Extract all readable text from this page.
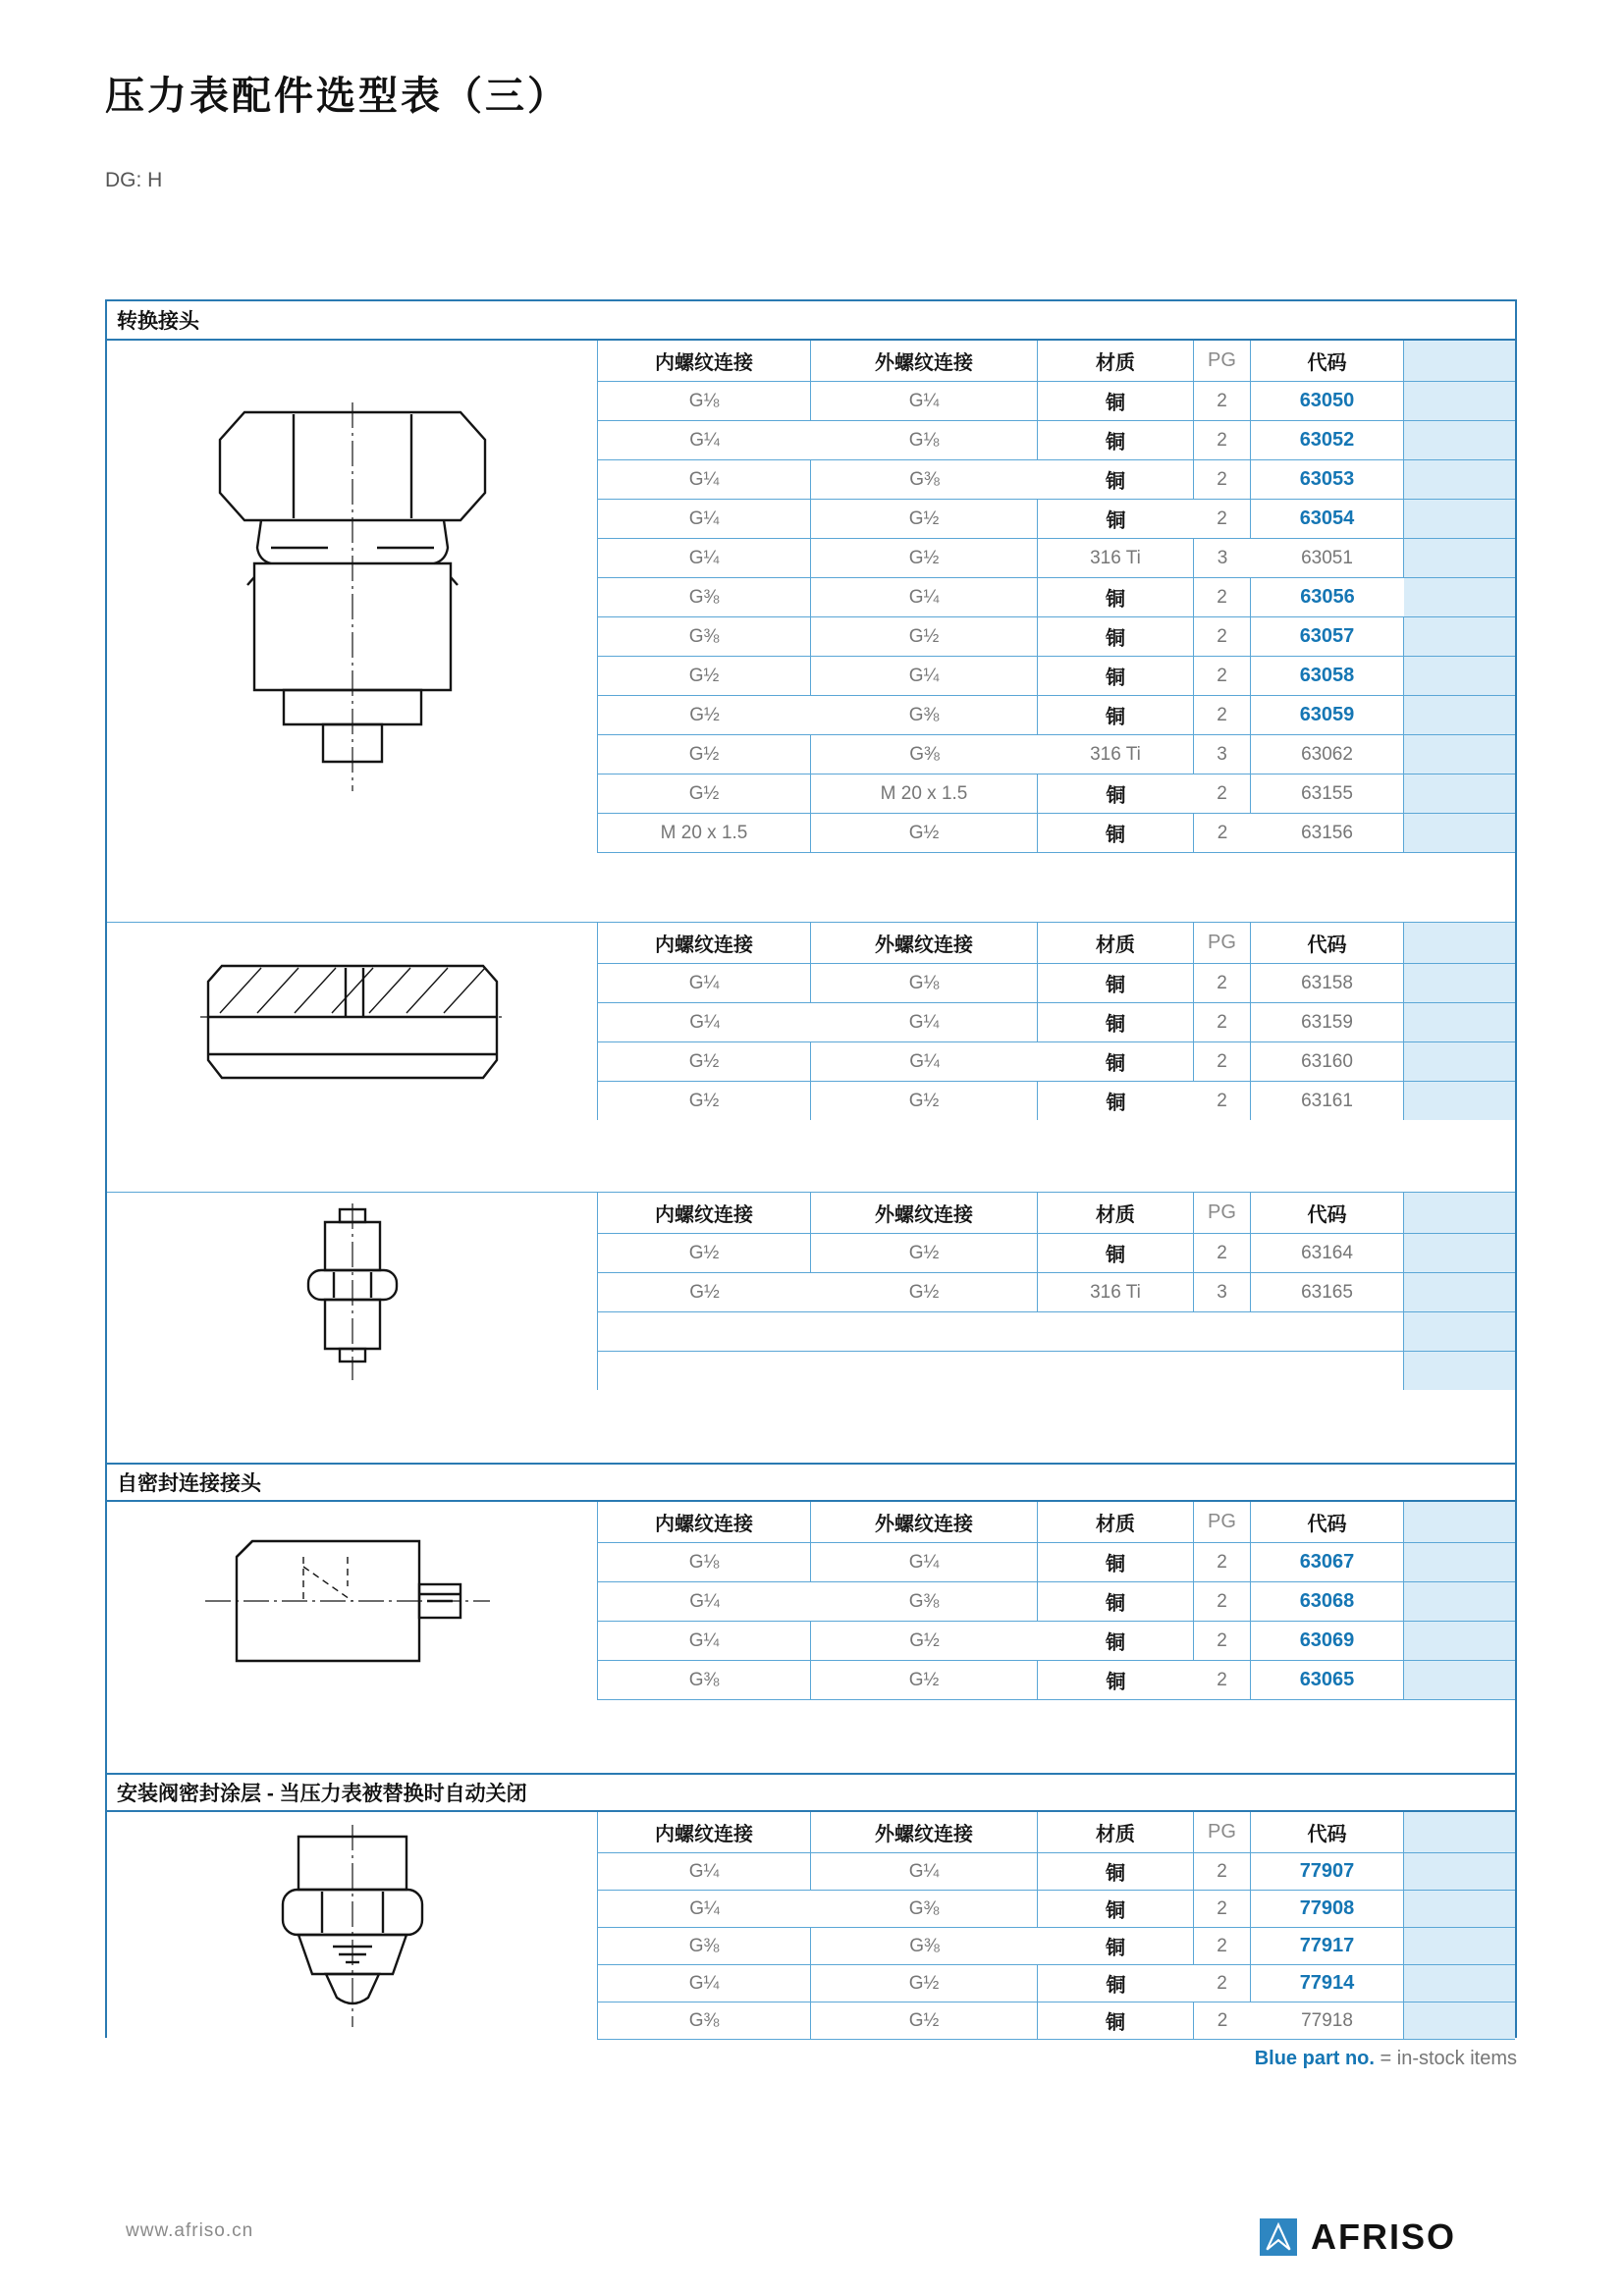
压力表配件选型表（三）
DG: H
转换接头
内螺纹连接	外螺纹连接	材质	PG	代码
G⅛	G¼	铜	2	63050
G¼	G⅛	铜	2	63052
G¼	G⅜	铜	2	63053
G¼	G½	铜	2	63054
G¼	G½	316 Ti	3	63051
G⅜	G¼	铜	2	63056
G⅜	G½	铜	2	63057
G½	G¼	铜	2	63058
G½	G⅜	铜	2	63059
G½	G⅜	316 Ti	3	63062
G½	M 20 x 1.5	铜	2	63155
M 20 x 1.5	G½	铜	2	63156
内螺纹连接	外螺纹连接	材质	PG	代码
G¼	G⅛	铜	2	63158
G¼	G¼	铜	2	63159
G½	G¼	铜	2	63160
G½	G½	铜	2	63161
内螺纹连接	外螺纹连接	材质	PG	代码
G½	G½	铜	2	63164
G½	G½	316 Ti	3	63165
自密封连接接头
内螺纹连接	外螺纹连接	材质	PG	代码
G⅛	G¼	铜	2	63067
G¼	G⅜	铜	2	63068
G¼	G½	铜	2	63069
G⅜	G½	铜	2	63065
安装阀密封涂层 - 当压力表被替换时自动关闭
内螺纹连接	外螺纹连接	材质	PG	代码
G¼	G¼	铜	2	77907
G¼	G⅜	铜	2	77908
G⅜	G⅜	铜	2	77917
G¼	G½	铜	2	77914
G⅜	G½	铜	2	77918
Blue part no. = in-stock items
www.afriso.cn	AFRISO
